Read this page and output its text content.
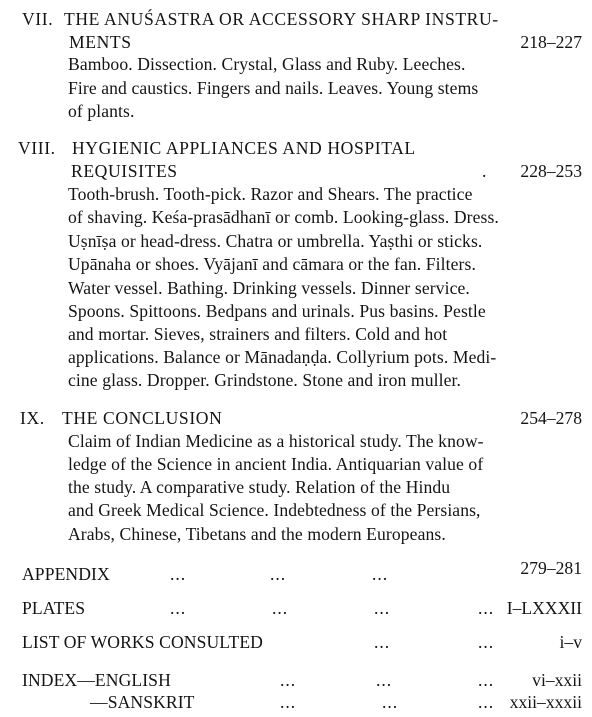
VII. THE ANUŚASTRA OR ACCESSORY SHARP INSTRU-
MENTS	218–227
Bamboo. Dissection. Crystal, Glass and Ruby. Leeches.
Fire and caustics. Fingers and nails. Leaves. Young stems
of plants.
VIII. HYGIENIC APPLIANCES AND HOSPITAL
REQUISITES	. 228–253
Tooth-brush. Tooth-pick. Razor and Shears. The practice
of shaving. Keśa-prasādhanī or comb. Looking-glass. Dress.
Uṣnīṣa or head-dress. Chatra or umbrella. Yaṣthi or sticks.
Upānaha or shoes. Vyājanī and cāmara or the fan. Filters.
Water vessel. Bathing. Drinking vessels. Dinner service.
Spoons. Spittoons. Bedpans and urinals. Pus basins. Pestle
and mortar. Sieves, strainers and filters. Cold and hot
applications. Balance or Mānadaṇḍa. Collyrium pots. Medi-
cine glass. Dropper. Grindstone. Stone and iron muller.
IX. THE CONCLUSION	254–278
Claim of Indian Medicine as a historical study. The know-
ledge of the Science in ancient India. Antiquarian value of
the study. A comparative study. Relation of the Hindu
and Greek Medical Science. Indebtedness of the Persians,
Arabs, Chinese, Tibetans and the modern Europeans.
APPENDIX	...	...	...	279–281
PLATES	...	...	...	... I–LXXXII
LIST OF WORKS CONSULTED	...	...	i–v
INDEX—ENGLISH	...	...	... vi–xxii
—SANSKRIT	...	...	... xxii–xxxii
